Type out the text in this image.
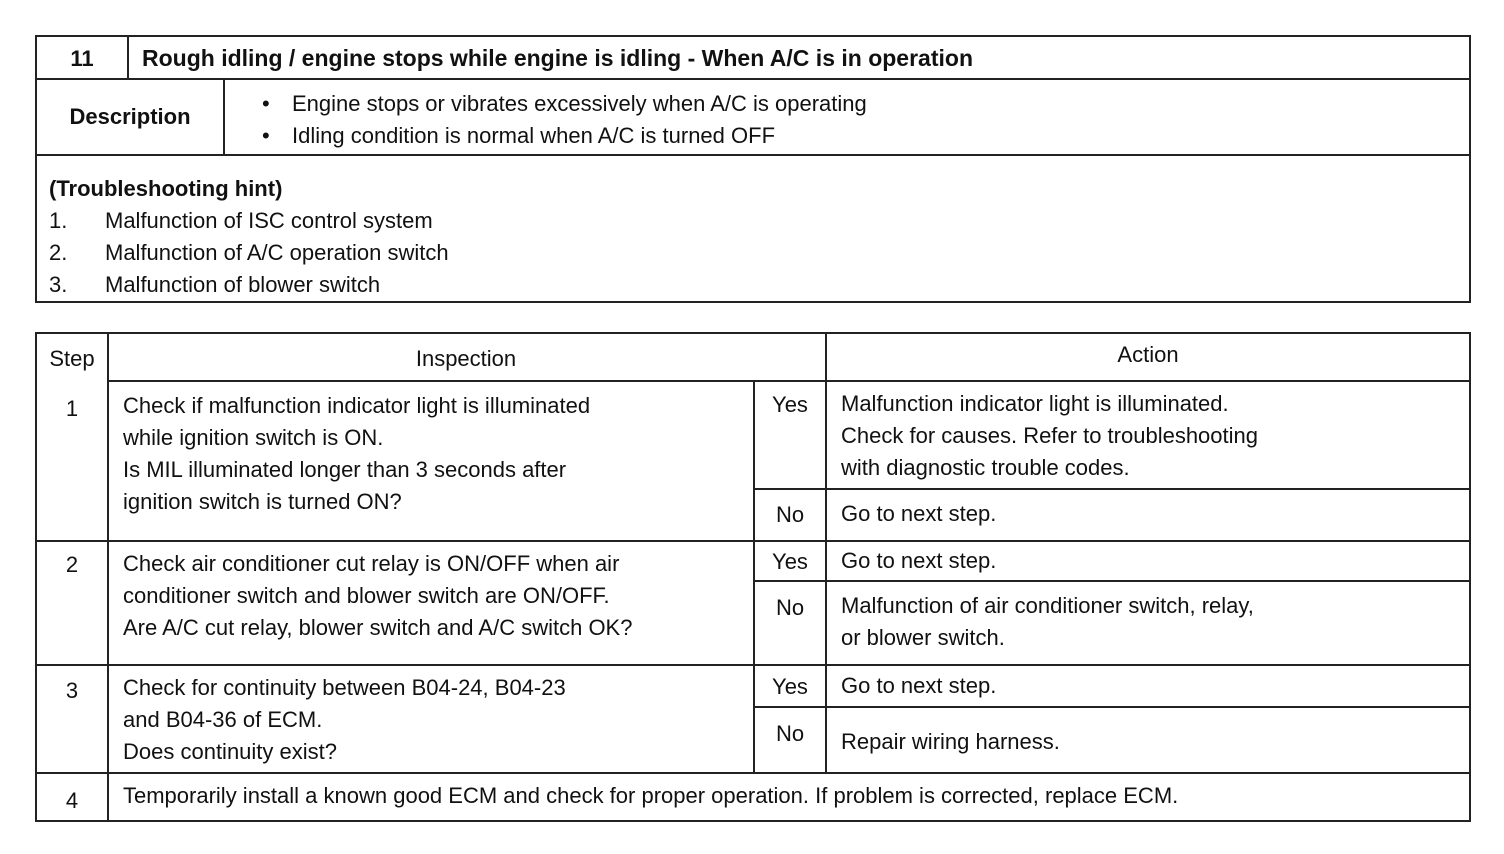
11	Rough idling / engine stops while engine is idling - When A/C is in operation
Description
• Engine stops or vibrates excessively when A/C is operating
• Idling condition is normal when A/C is turned OFF
(Troubleshooting hint)
1. Malfunction of ISC control system
2. Malfunction of A/C operation switch
3. Malfunction of blower switch
Step	Inspection	Action
1	Check if malfunction indicator light is illuminated
while ignition switch is ON.
Is MIL illuminated longer than 3 seconds after
ignition switch is turned ON?
Yes	Malfunction indicator light is illuminated.
Check for causes. Refer to troubleshooting
with diagnostic trouble codes.
No	Go to next step.
2	Check air conditioner cut relay is ON/OFF when air
conditioner switch and blower switch are ON/OFF.
Are A/C cut relay, blower switch and A/C switch OK?
Yes	Go to next step.
No	Malfunction of air conditioner switch, relay,
or blower switch.
3	Check for continuity between B04-24, B04-23
and B04-36 of ECM.
Does continuity exist?
Yes	Go to next step.
No	Repair wiring harness.
4	Temporarily install a known good ECM and check for proper operation. If problem is corrected, replace ECM.
